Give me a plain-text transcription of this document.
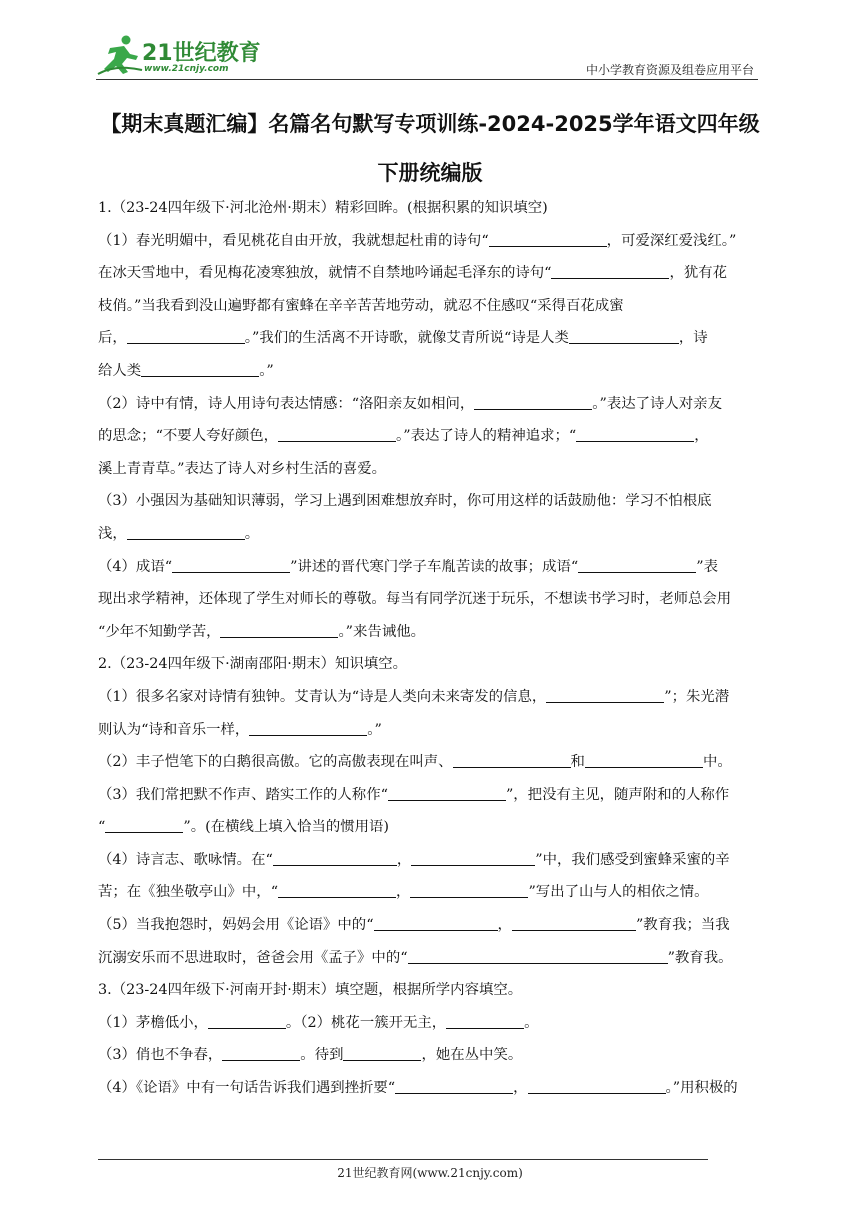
21世纪教育
www.21cnjy.com	中小学教育资源及组卷应用平台
【期末真题汇编】名篇名句默写专项训练-2024-2025学年语文四年级
下册统编版

1.（23-24四年级下·河北沧州·期末）精彩回眸。(根据积累的知识填空)

（1）春光明媚中，看见桃花自由开放，我就想起杜甫的诗句“	，可爱深红爱浅红。”

在冰天雪地中，看见梅花凌寒独放，就情不自禁地吟诵起毛泽东的诗句“	，犹有花

枝俏。”当我看到没山遍野都有蜜蜂在辛辛苦苦地劳动，就忍不住感叹“采得百花成蜜

后，	。”我们的生活离不开诗歌，就像艾青所说“诗是人类	，诗

给人类	。”

（2）诗中有情，诗人用诗句表达情感：“洛阳亲友如相问，	。”表达了诗人对亲友

的思念；“不要人夸好颜色，	。”表达了诗人的精神追求；“	，

溪上青青草。”表达了诗人对乡村生活的喜爱。

（3）小强因为基础知识薄弱，学习上遇到困难想放弃时，你可用这样的话鼓励他：学习不怕根底

浅，	。

（4）成语“	”讲述的晋代寒门学子车胤苦读的故事；成语“	”表

现出求学精神，还体现了学生对师长的尊敬。每当有同学沉迷于玩乐，不想读书学习时，老师总会用

“少年不知勤学苦，	。”来告诫他。

2.（23-24四年级下·湖南邵阳·期末）知识填空。

（1）很多名家对诗情有独钟。艾青认为“诗是人类向未来寄发的信息，	”；朱光潜

则认为“诗和音乐一样，	。”

（2）丰子恺笔下的白鹅很高傲。它的高傲表现在叫声、	和	中。

（3）我们常把默不作声、踏实工作的人称作“	”，把没有主见，随声附和的人称作

“	”。(在横线上填入恰当的惯用语)

（4）诗言志、歌咏情。在“	，	”中，我们感受到蜜蜂采蜜的辛

苦；在《独坐敬亭山》中，“	，	”写出了山与人的相依之情。

（5）当我抱怨时，妈妈会用《论语》中的“	，	”教育我；当我

沉溺安乐而不思进取时，爸爸会用《孟子》中的“	”教育我。

3.（23-24四年级下·河南开封·期末）填空题，根据所学内容填空。

（1）茅檐低小，	。（2）桃花一簇开无主，	。

（3）俏也不争春，	。待到	，她在丛中笑。

（4）《论语》中有一句话告诉我们遇到挫折要“	，	。”用积极的

21世纪教育网(www.21cnjy.com)
